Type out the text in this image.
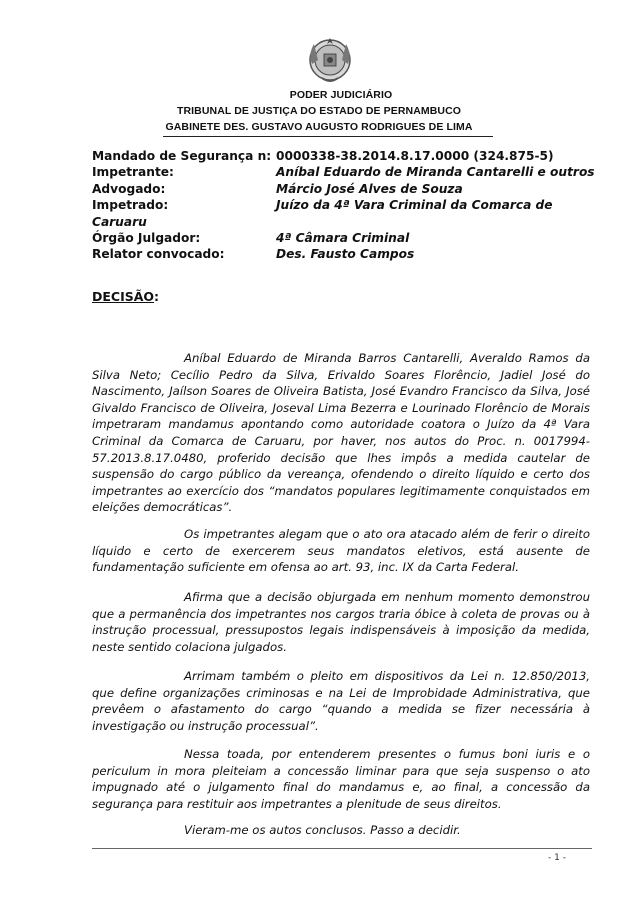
PODER JUDICIÁRIO
TRIBUNAL DE JUSTIÇA DO ESTADO DE PERNAMBUCO
GABINETE DES. GUSTAVO AUGUSTO RODRIGUES DE LIMA
Mandado de Segurança n: 0000338-38.2014.8.17.0000 (324.875-5)
Impetrante:	Aníbal Eduardo de Miranda Cantarelli e outros
Advogado:	Márcio José Alves de Souza
Impetrado:	Juízo da 4ª Vara Criminal da Comarca de
Caruaru
Órgão Julgador:	4ª Câmara Criminal
Relator convocado:	Des. Fausto Campos
DECISÃO:
Aníbal Eduardo de Miranda Barros Cantarelli, Averaldo Ramos da Silva Neto; Cecílio Pedro da Silva, Erivaldo Soares Florêncio, Jadiel José do Nascimento, Jaílson Soares de Oliveira Batista, José Evandro Francisco da Silva, José Givaldo Francisco de Oliveira, Joseval Lima Bezerra e Lourinado Florêncio de Morais impetraram mandamus apontando como autoridade coatora o Juízo da 4ª Vara Criminal da Comarca de Caruaru, por haver, nos autos do Proc. n. 0017994-57.2013.8.17.0480, proferido decisão que lhes impôs a medida cautelar de suspensão do cargo público da vereança, ofendendo o direito líquido e certo dos impetrantes ao exercício dos “mandatos populares legitimamente conquistados em eleições democráticas”.
Os impetrantes alegam que o ato ora atacado além de ferir o direito líquido e certo de exercerem seus mandatos eletivos, está ausente de fundamentação suficiente em ofensa ao art. 93, inc. IX da Carta Federal.
Afirma que a decisão objurgada em nenhum momento demonstrou que a permanência dos impetrantes nos cargos traria óbice à coleta de provas ou à instrução processual, pressupostos legais indispensáveis à imposição da medida, neste sentido colaciona julgados.
Arrimam também o pleito em dispositivos da Lei n. 12.850/2013, que define organizações criminosas e na Lei de Improbidade Administrativa, que prevêem o afastamento do cargo “quando a medida se fizer necessária à investigação ou instrução processual”.
Nessa toada, por entenderem presentes o fumus boni iuris e o periculum in mora pleiteiam a concessão liminar para que seja suspenso o ato impugnado até o julgamento final do mandamus e, ao final, a concessão da segurança para restituir aos impetrantes a plenitude de seus direitos.
Vieram-me os autos conclusos. Passo a decidir.
- 1 -
